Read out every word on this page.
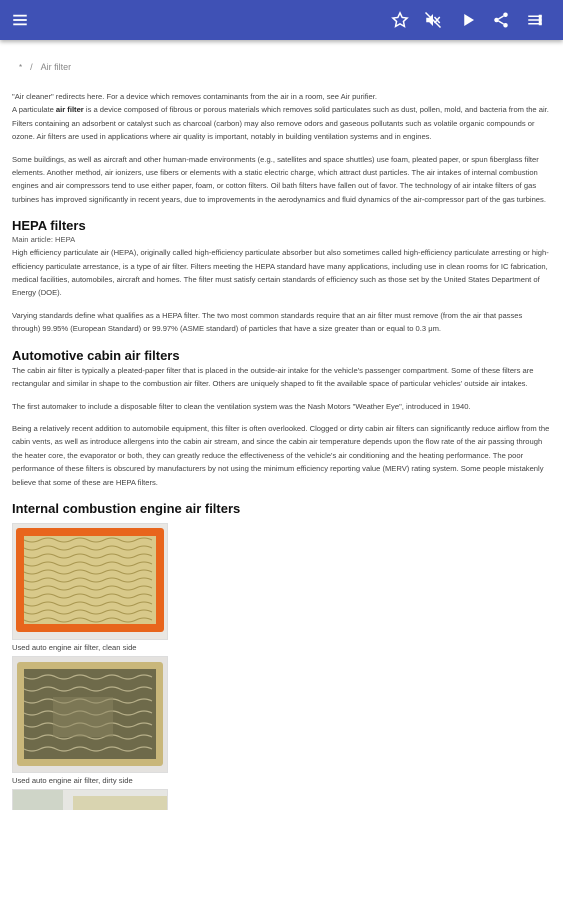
* / Air filter
"Air cleaner" redirects here. For a device which removes contaminants from the air in a room, see Air purifier.

A particulate air filter is a device composed of fibrous or porous materials which removes solid particulates such as dust, pollen, mold, and bacteria from the air. Filters containing an adsorbent or catalyst such as charcoal (carbon) may also remove odors and gaseous pollutants such as volatile organic compounds or ozone. Air filters are used in applications where air quality is important, notably in building ventilation systems and in engines.

Some buildings, as well as aircraft and other human-made environments (e.g., satellites and space shuttles) use foam, pleated paper, or spun fiberglass filter elements. Another method, air ionizers, use fibers or elements with a static electric charge, which attract dust particles. The air intakes of internal combustion engines and air compressors tend to use either paper, foam, or cotton filters. Oil bath filters have fallen out of favor. The technology of air intake filters of gas turbines has improved significantly in recent years, due to improvements in the aerodynamics and fluid dynamics of the air-compressor part of the gas turbines.

HEPA filters
Main article: HEPA

High efficiency particulate air (HEPA), originally called high-efficiency particulate absorber but also sometimes called high-efficiency particulate arresting or high-efficiency particulate arrestance, is a type of air filter. Filters meeting the HEPA standard have many applications, including use in clean rooms for IC fabrication, medical facilities, automobiles, aircraft and homes. The filter must satisfy certain standards of efficiency such as those set by the United States Department of Energy (DOE).

Varying standards define what qualifies as a HEPA filter. The two most common standards require that an air filter must remove (from the air that passes through) 99.95% (European Standard) or 99.97% (ASME standard) of particles that have a size greater than or equal to 0.3 μm.

Automotive cabin air filters

The cabin air filter is typically a pleated-paper filter that is placed in the outside-air intake for the vehicle's passenger compartment. Some of these filters are rectangular and similar in shape to the combustion air filter. Others are uniquely shaped to fit the available space of particular vehicles' outside air intakes.

The first automaker to include a disposable filter to clean the ventilation system was the Nash Motors "Weather Eye", introduced in 1940.

Being a relatively recent addition to automobile equipment, this filter is often overlooked. Clogged or dirty cabin air filters can significantly reduce airflow from the cabin vents, as well as introduce allergens into the cabin air stream, and since the cabin air temperature depends upon the flow rate of the air passing through the heater core, the evaporator or both, they can greatly reduce the effectiveness of the vehicle's air conditioning and the heating performance. The poor performance of these filters is obscured by manufacturers by not using the minimum efficiency reporting value (MERV) rating system. Some people mistakenly believe that some of these are HEPA filters.

Internal combustion engine air filters
Used auto engine air filter, clean side
Used auto engine air filter, dirty side
